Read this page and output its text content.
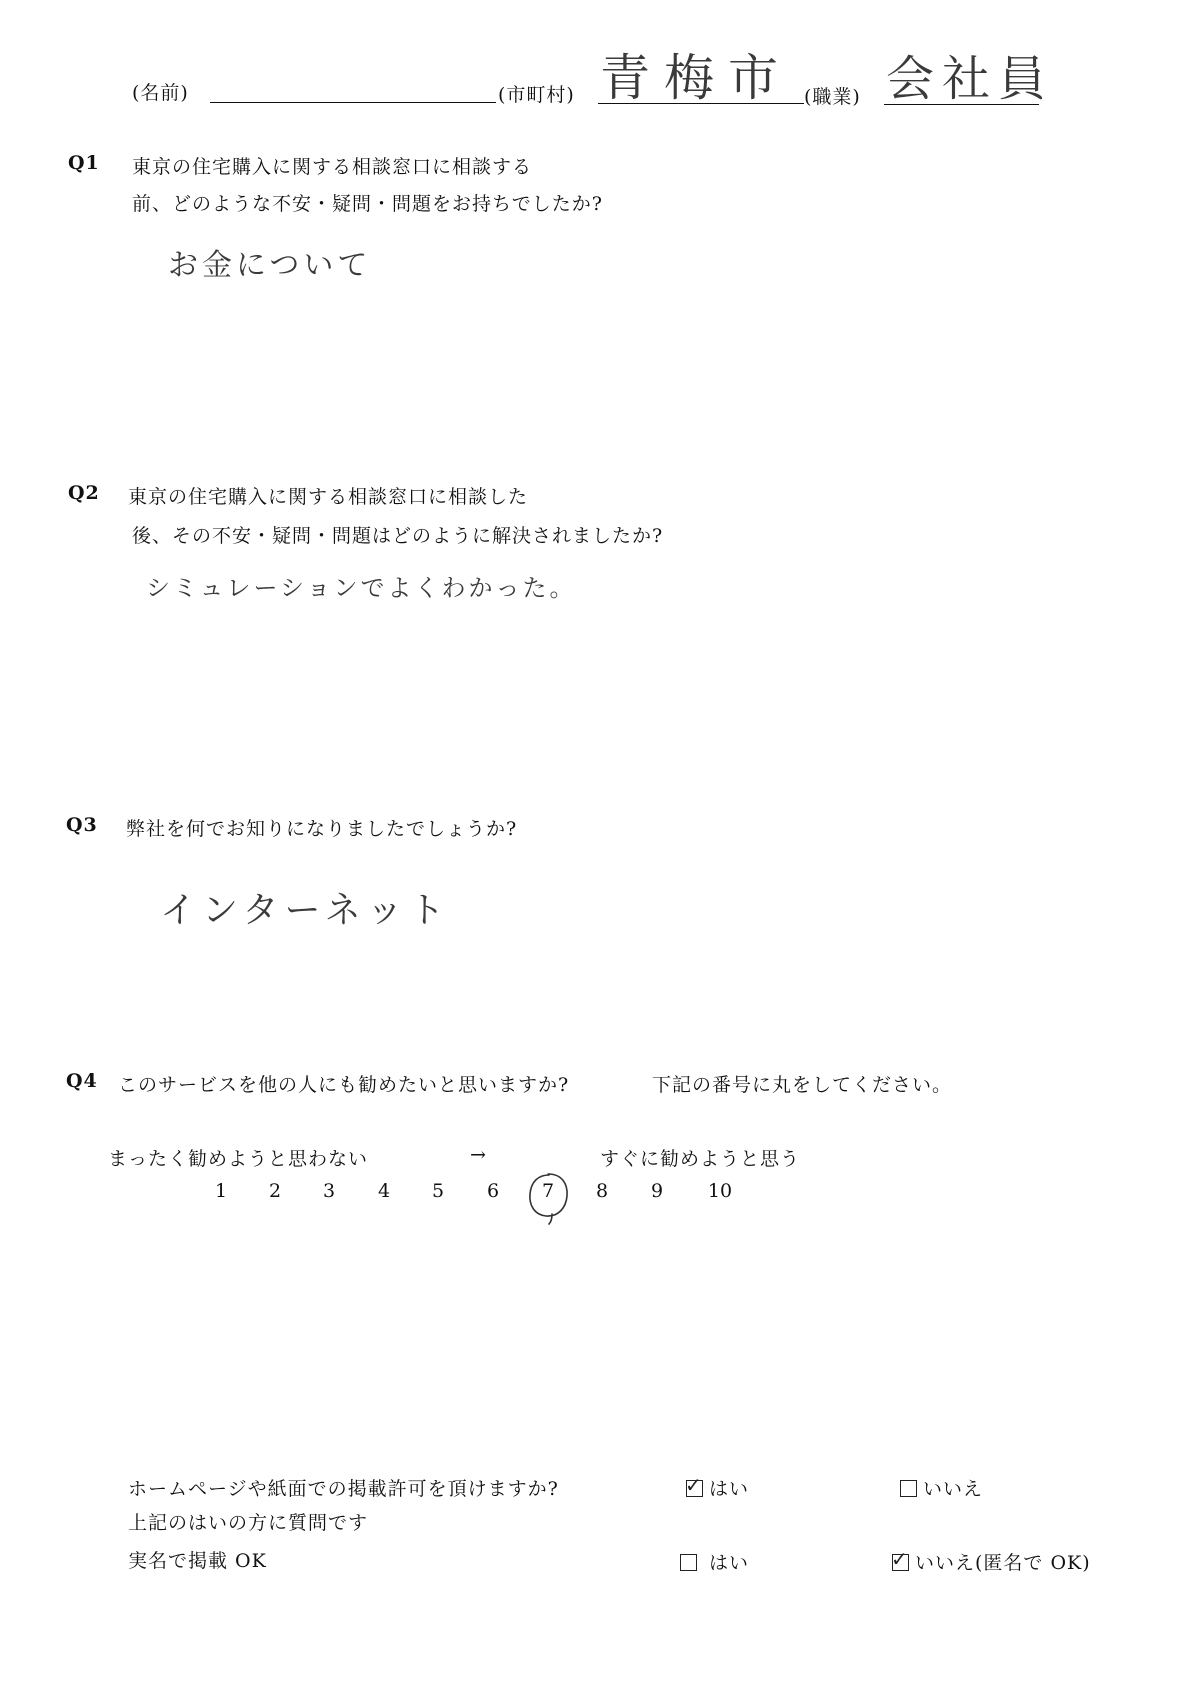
(名前)	(市町村) 青梅市 (職業) 会社員
Q1 東京の住宅購入に関する相談窓口に相談する
前、どのような不安・疑問・問題をお持ちでしたか?
お金について
Q2 東京の住宅購入に関する相談窓口に相談した
後、その不安・疑問・問題はどのように解決されましたか?
シミュレーションでよくわかった。
Q3 弊社を何でお知りになりましたでしょうか?
インターネット
Q4 このサービスを他の人にも勧めたいと思いますか?	下記の番号に丸をしてください。
まったく勧めようと思わない	→	すぐに勧めようと思う
1	2	3	4	5	6	7	8	9	10
ホームページや紙面での掲載許可を頂けますか?	✓ はい	いいえ
上記のはいの方に質問です
実名で掲載 OK	はい	✓ いいえ(匿名で OK)
